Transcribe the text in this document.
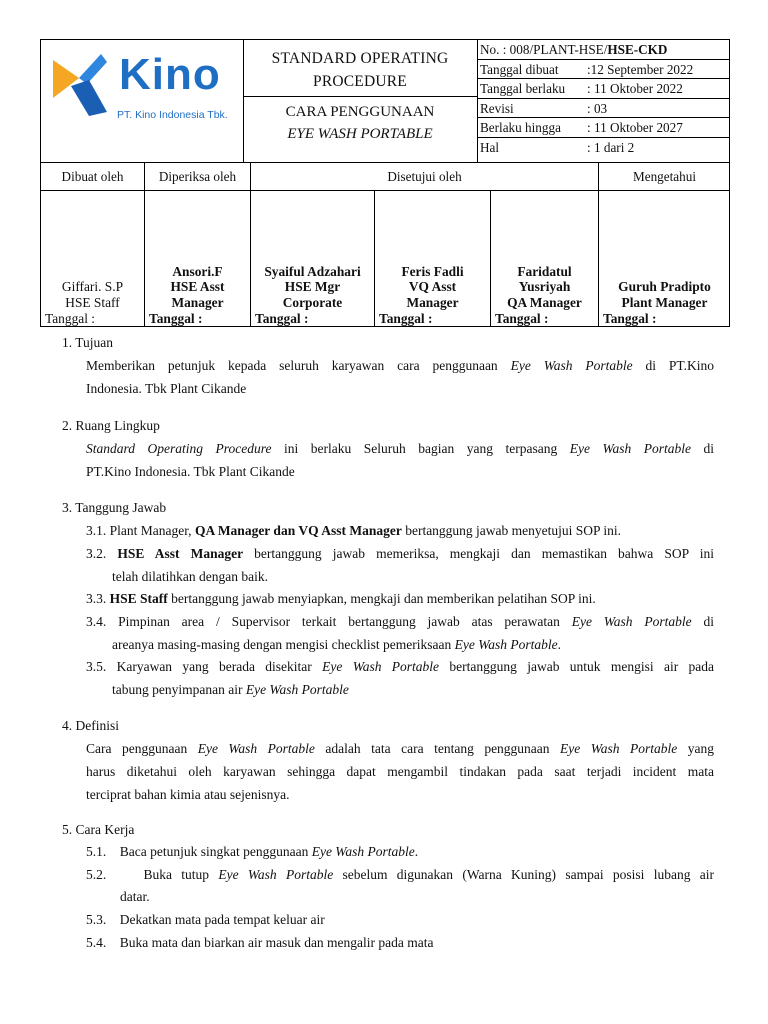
Kino
PT. Kino Indonesia Tbk.
STANDARD OPERATING
PROCEDURE
CARA PENGGUNAAN
EYE WASH PORTABLE
No. : 008/PLANT-HSE/HSE-CKD
Tanggal dibuat :12 September 2022
Tanggal berlaku : 11 Oktober 2022
Revisi	: 03
Berlaku hingga : 11 Oktober 2027
Hal	: 1 dari 2
Dibuat oleh	Diperiksa oleh	Disetujui oleh	Mengetahui
Giffari. S.P
HSE Staff
Tanggal :
Ansori.F
HSE Asst
Manager
Tanggal :
Syaiful Adzahari
HSE Mgr
Corporate
Tanggal :
Feris Fadli
VQ Asst
Manager
Tanggal :
Faridatul
Yusriyah
QA Manager
Tanggal :
Guruh Pradipto
Plant Manager
Tanggal :
1. Tujuan
Memberikan petunjuk kepada seluruh karyawan cara penggunaan Eye Wash Portable di PT.Kino
Indonesia. Tbk Plant Cikande
2. Ruang Lingkup
Standard Operating Procedure ini berlaku Seluruh bagian yang terpasang Eye Wash Portable di
PT.Kino Indonesia. Tbk Plant Cikande
3. Tanggung Jawab
3.1. Plant Manager, QA Manager dan VQ Asst Manager bertanggung jawab menyetujui SOP ini.
3.2. HSE Asst Manager bertanggung jawab memeriksa, mengkaji dan memastikan bahwa SOP ini
telah dilatihkan dengan baik.
3.3. HSE Staff bertanggung jawab menyiapkan, mengkaji dan memberikan pelatihan SOP ini.
3.4. Pimpinan area / Supervisor terkait bertanggung jawab atas perawatan Eye Wash Portable di
areanya masing-masing dengan mengisi checklist pemeriksaan Eye Wash Portable.
3.5. Karyawan yang berada disekitar Eye Wash Portable bertanggung jawab untuk mengisi air pada
tabung penyimpanan air Eye Wash Portable
4. Definisi
Cara penggunaan Eye Wash Portable adalah tata cara tentang penggunaan Eye Wash Portable yang
harus diketahui oleh karyawan sehingga dapat mengambil tindakan pada saat terjadi incident mata
terciprat bahan kimia atau sejenisnya.
5. Cara Kerja
5.1.    Baca petunjuk singkat penggunaan Eye Wash Portable.
5.2.    Buka tutup Eye Wash Portable sebelum digunakan (Warna Kuning) sampai posisi lubang air
datar.
5.3.    Dekatkan mata pada tempat keluar air
5.4.    Buka mata dan biarkan air masuk dan mengalir pada mata
